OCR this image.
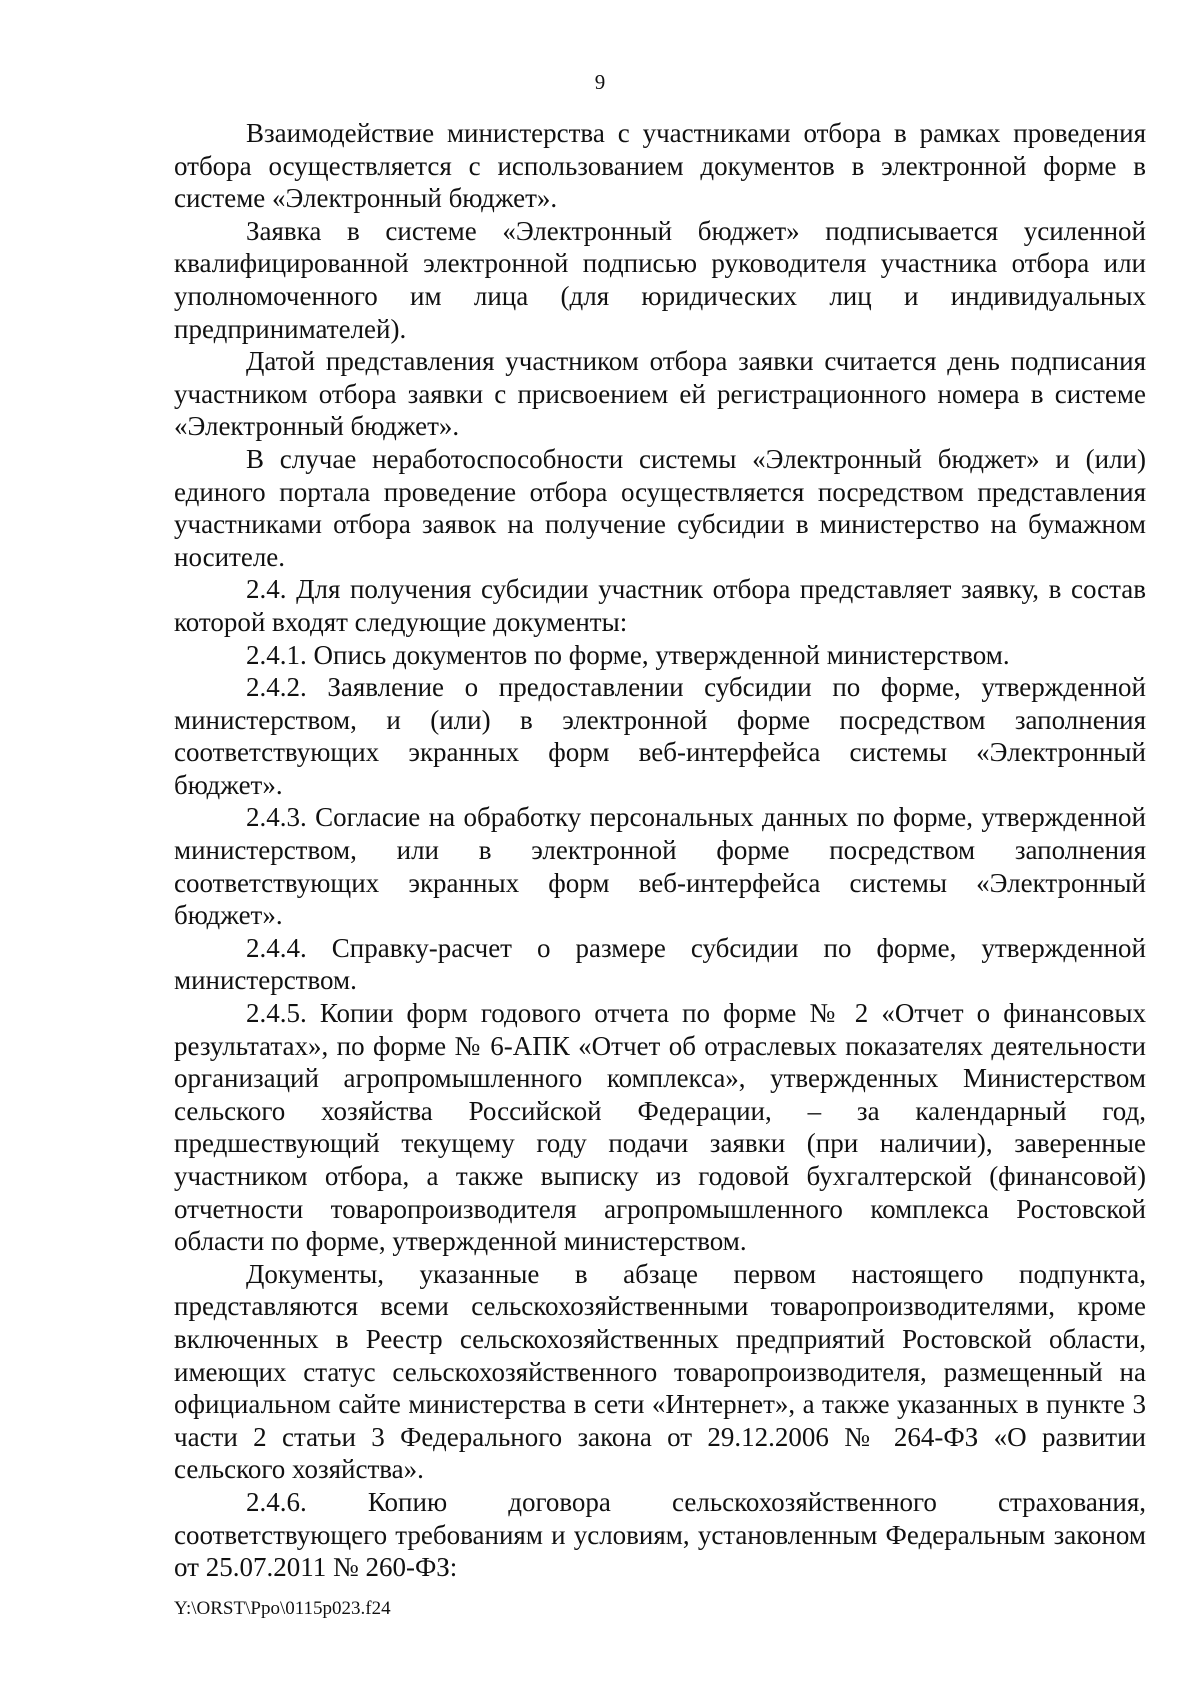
9

Взаимодействие министерства с участниками отбора в рамках проведения отбора осуществляется с использованием документов в электронной форме в системе «Электронный бюджет».

Заявка в системе «Электронный бюджет» подписывается усиленной квалифицированной электронной подписью руководителя участника отбора или уполномоченного им лица (для юридических лиц и индивидуальных предпринимателей).

Датой представления участником отбора заявки считается день подписания участником отбора заявки с присвоением ей регистрационного номера в системе «Электронный бюджет».

В случае неработоспособности системы «Электронный бюджет» и (или) единого портала проведение отбора осуществляется посредством представления участниками отбора заявок на получение субсидии в министерство на бумажном носителе.

2.4. Для получения субсидии участник отбора представляет заявку, в состав которой входят следующие документы:

2.4.1. Опись документов по форме, утвержденной министерством.

2.4.2. Заявление о предоставлении субсидии по форме, утвержденной министерством, и (или) в электронной форме посредством заполнения соответствующих экранных форм веб-интерфейса системы «Электронный бюджет».

2.4.3. Согласие на обработку персональных данных по форме, утвержденной министерством, или в электронной форме посредством заполнения соответствующих экранных форм веб-интерфейса системы «Электронный бюджет».

2.4.4. Справку-расчет о размере субсидии по форме, утвержденной министерством.

2.4.5. Копии форм годового отчета по форме № 2 «Отчет о финансовых результатах», по форме № 6-АПК «Отчет об отраслевых показателях деятельности организаций агропромышленного комплекса», утвержденных Министерством сельского хозяйства Российской Федерации, – за календарный год, предшествующий текущему году подачи заявки (при наличии), заверенные участником отбора, а также выписку из годовой бухгалтерской (финансовой) отчетности товаропроизводителя агропромышленного комплекса Ростовской области по форме, утвержденной министерством.

Документы, указанные в абзаце первом настоящего подпункта, представляются всеми сельскохозяйственными товаропроизводителями, кроме включенных в Реестр сельскохозяйственных предприятий Ростовской области, имеющих статус сельскохозяйственного товаропроизводителя, размещенный на официальном сайте министерства в сети «Интернет», а также указанных в пункте 3 части 2 статьи 3 Федерального закона от 29.12.2006 № 264-ФЗ «О развитии сельского хозяйства».

2.4.6. Копию договора сельскохозяйственного страхования, соответствующего требованиям и условиям, установленным Федеральным законом от 25.07.2011 № 260-ФЗ:

Y:\ORST\Ppo\0115p023.f24
